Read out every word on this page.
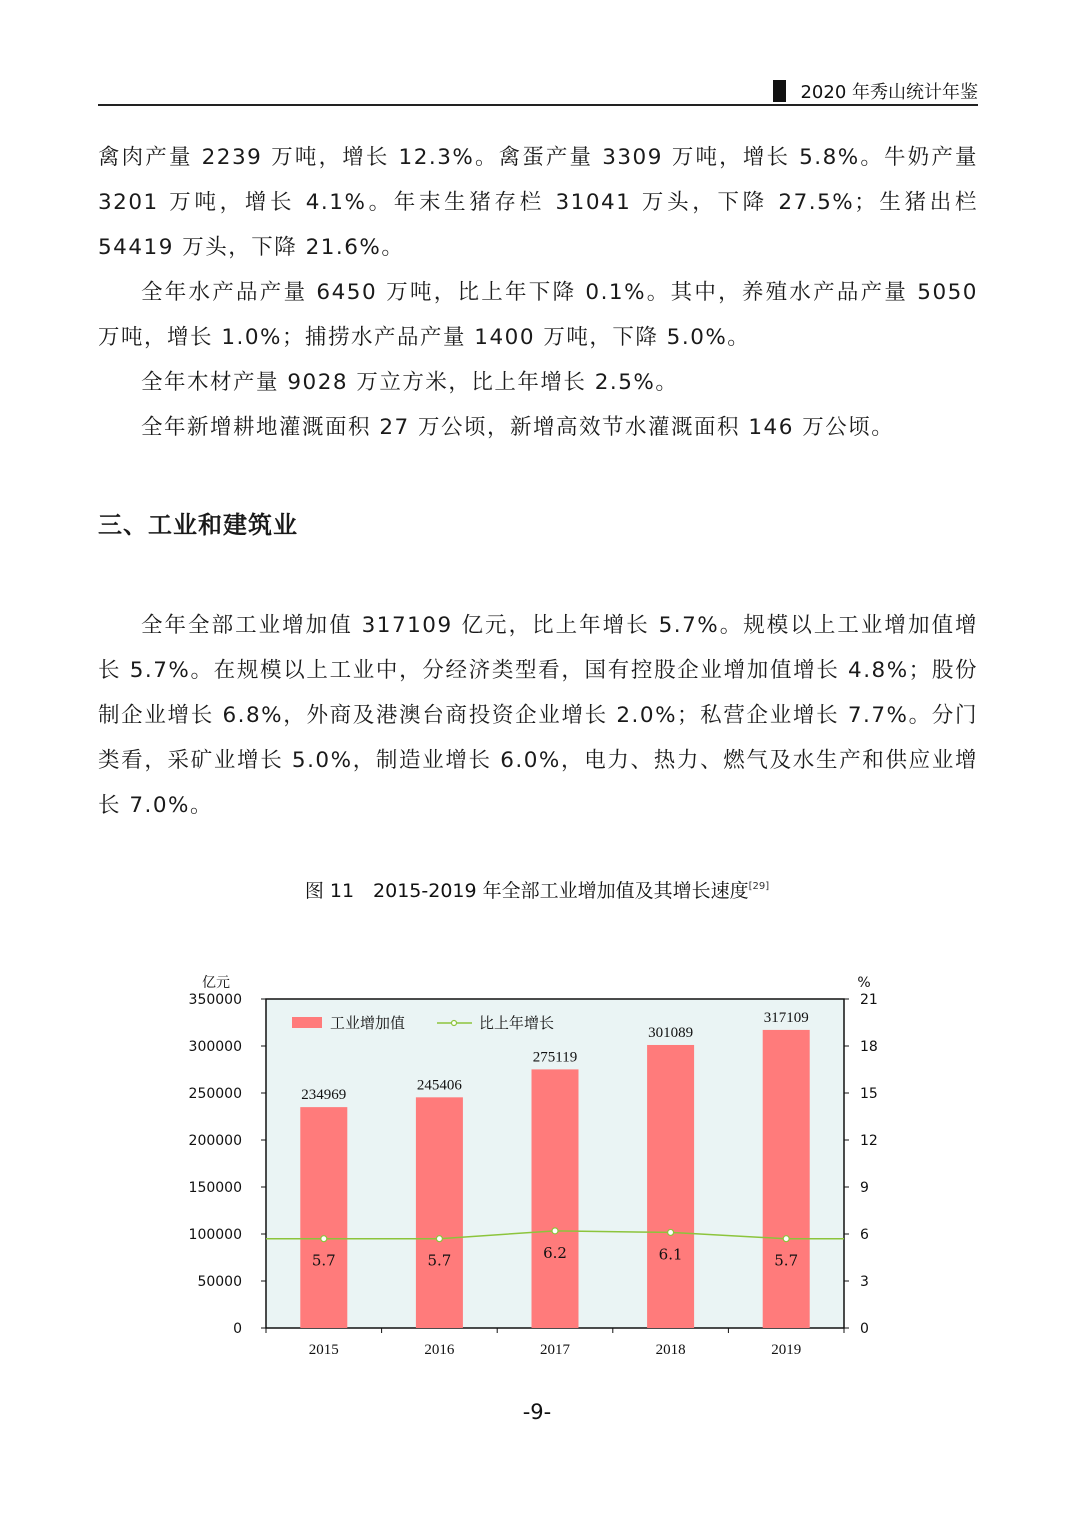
2020 年秀山统计年鉴

禽肉产量 2239 万吨，增长 12.3%。禽蛋产量 3309 万吨，增长 5.8%。牛奶产量 3201 万吨，增长 4.1%。年末生猪存栏 31041 万头，下降 27.5%；生猪出栏 54419 万头，下降 21.6%。

全年水产品产量 6450 万吨，比上年下降 0.1%。其中，养殖水产品产量 5050 万吨，增长 1.0%；捕捞水产品产量 1400 万吨，下降 5.0%。

全年木材产量 9028 万立方米，比上年增长 2.5%。

全年新增耕地灌溉面积 27 万公顷，新增高效节水灌溉面积 146 万公顷。

三、工业和建筑业

全年全部工业增加值 317109 亿元，比上年增长 5.7%。规模以上工业增加值增长 5.7%。在规模以上工业中，分经济类型看，国有控股企业增加值增长 4.8%；股份制企业增长 6.8%，外商及港澳台商投资企业增长 2.0%；私营企业增长 7.7%。分门类看，采矿业增长 5.0%，制造业增长 6.0%，电力、热力、燃气及水生产和供应业增长 7.0%。

图 11　2015-2019 年全部工业增加值及其增长速度[29]
0
50000
100000
150000
200000
250000
300000
350000
0
3
6
9
12
15
18
21
2015	2016	2017	2018	2019
亿元	%
234969
245406
275119
301089
317109
5.7	5.7	6.2	6.1	5.7
工业增加值	比上年增长
-9-
